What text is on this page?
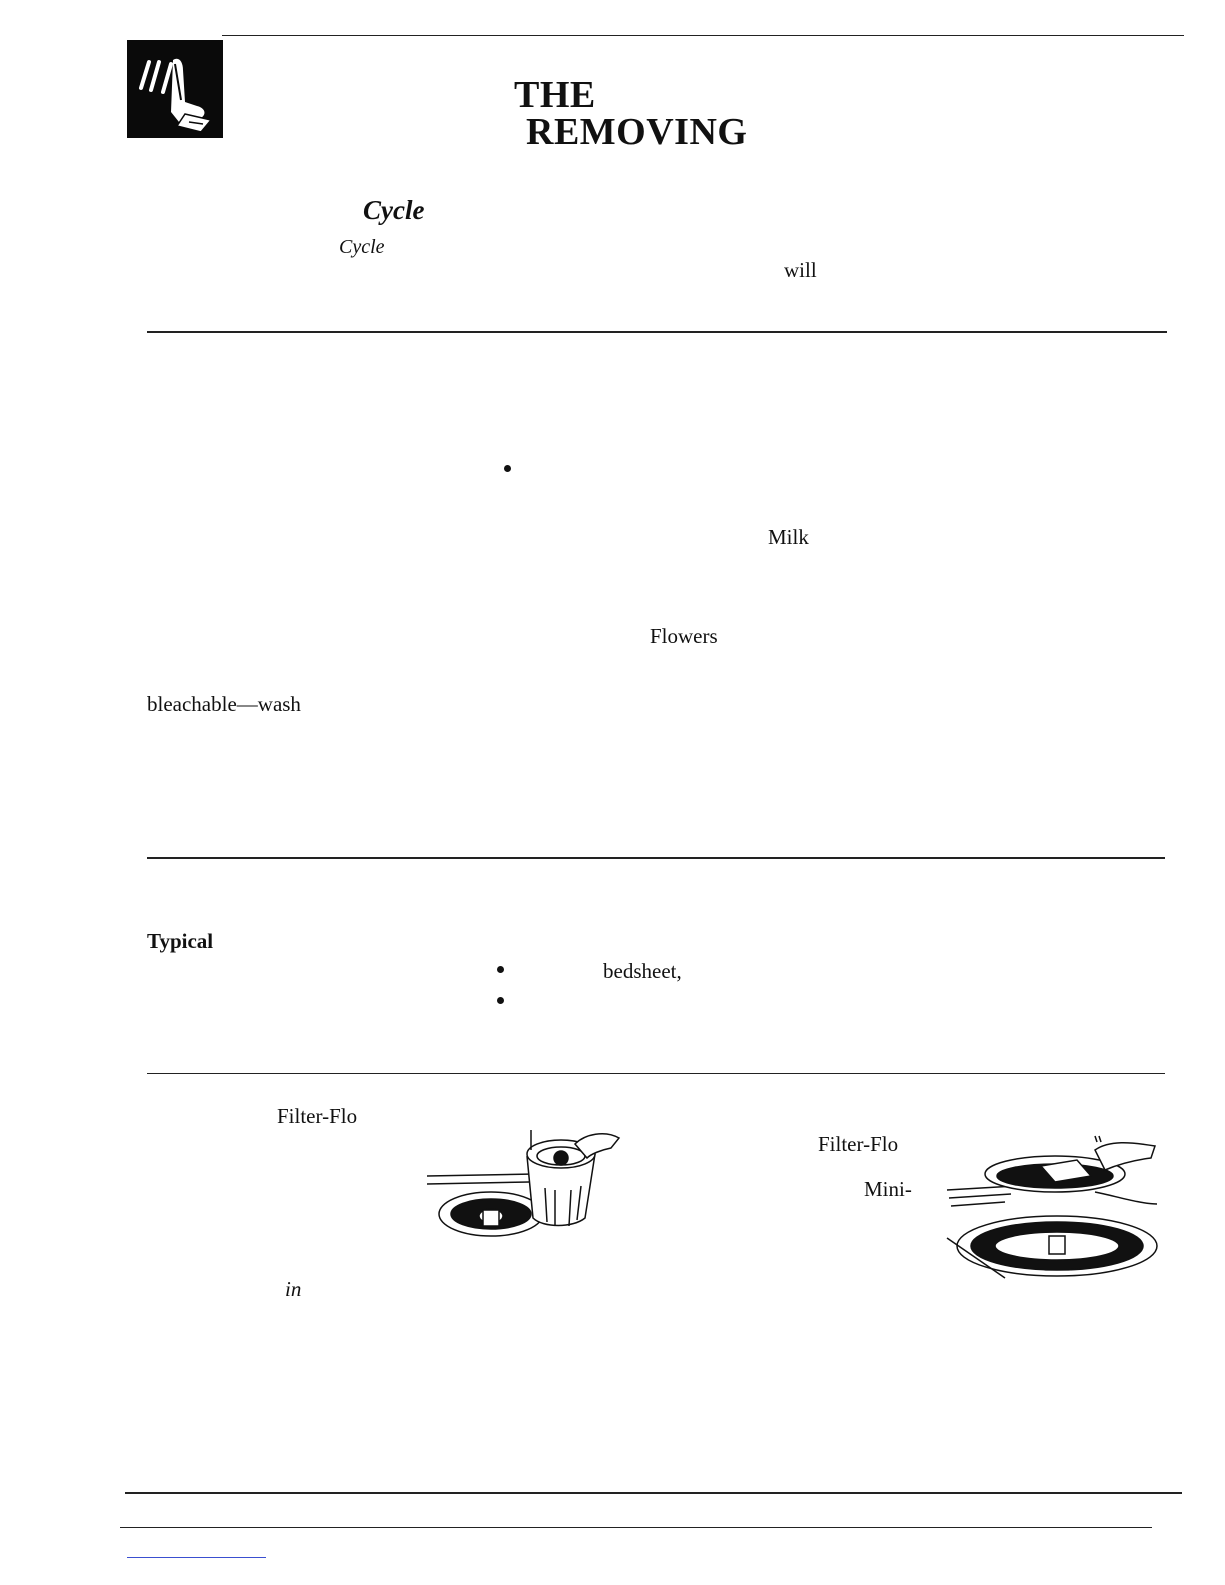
THE
REMOVING
Cycle
Cycle
will
Milk
Flowers
bleachable—wash
Typical
bedsheet,
Filter-Flo
in
Filter-Flo
Mini-
